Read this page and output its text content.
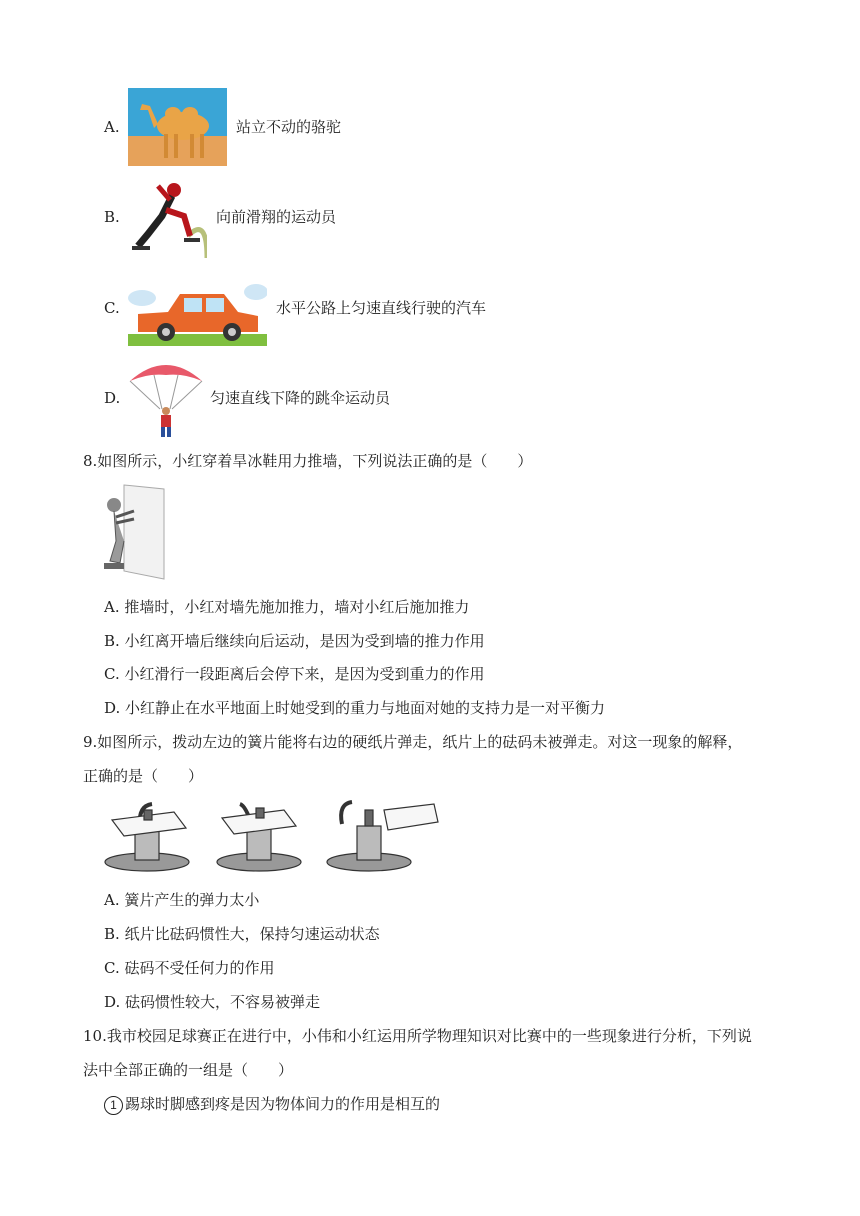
A.	站立不动的骆驼
B.	向前滑翔的运动员
C.	水平公路上匀速直线行驶的汽车
D.	匀速直线下降的跳伞运动员
8.如图所示，小红穿着旱冰鞋用力推墙，下列说法正确的是（　　）
A. 推墙时，小红对墙先施加推力，墙对小红后施加推力
B. 小红离开墙后继续向后运动，是因为受到墙的推力作用
C. 小红滑行一段距离后会停下来，是因为受到重力的作用
D. 小红静止在水平地面上时她受到的重力与地面对她的支持力是一对平衡力
9.如图所示，拨动左边的簧片能将右边的硬纸片弹走，纸片上的砝码未被弹走。对这一现象的解释，
正确的是（　　）
A. 簧片产生的弹力太小
B. 纸片比砝码惯性大，保持匀速运动状态
C. 砝码不受任何力的作用
D. 砝码惯性较大，不容易被弹走
10.我市校园足球赛正在进行中，小伟和小红运用所学物理知识对比赛中的一些现象进行分析，下列说
法中全部正确的一组是（　　）
1 踢球时脚感到疼是因为物体间力的作用是相互的
